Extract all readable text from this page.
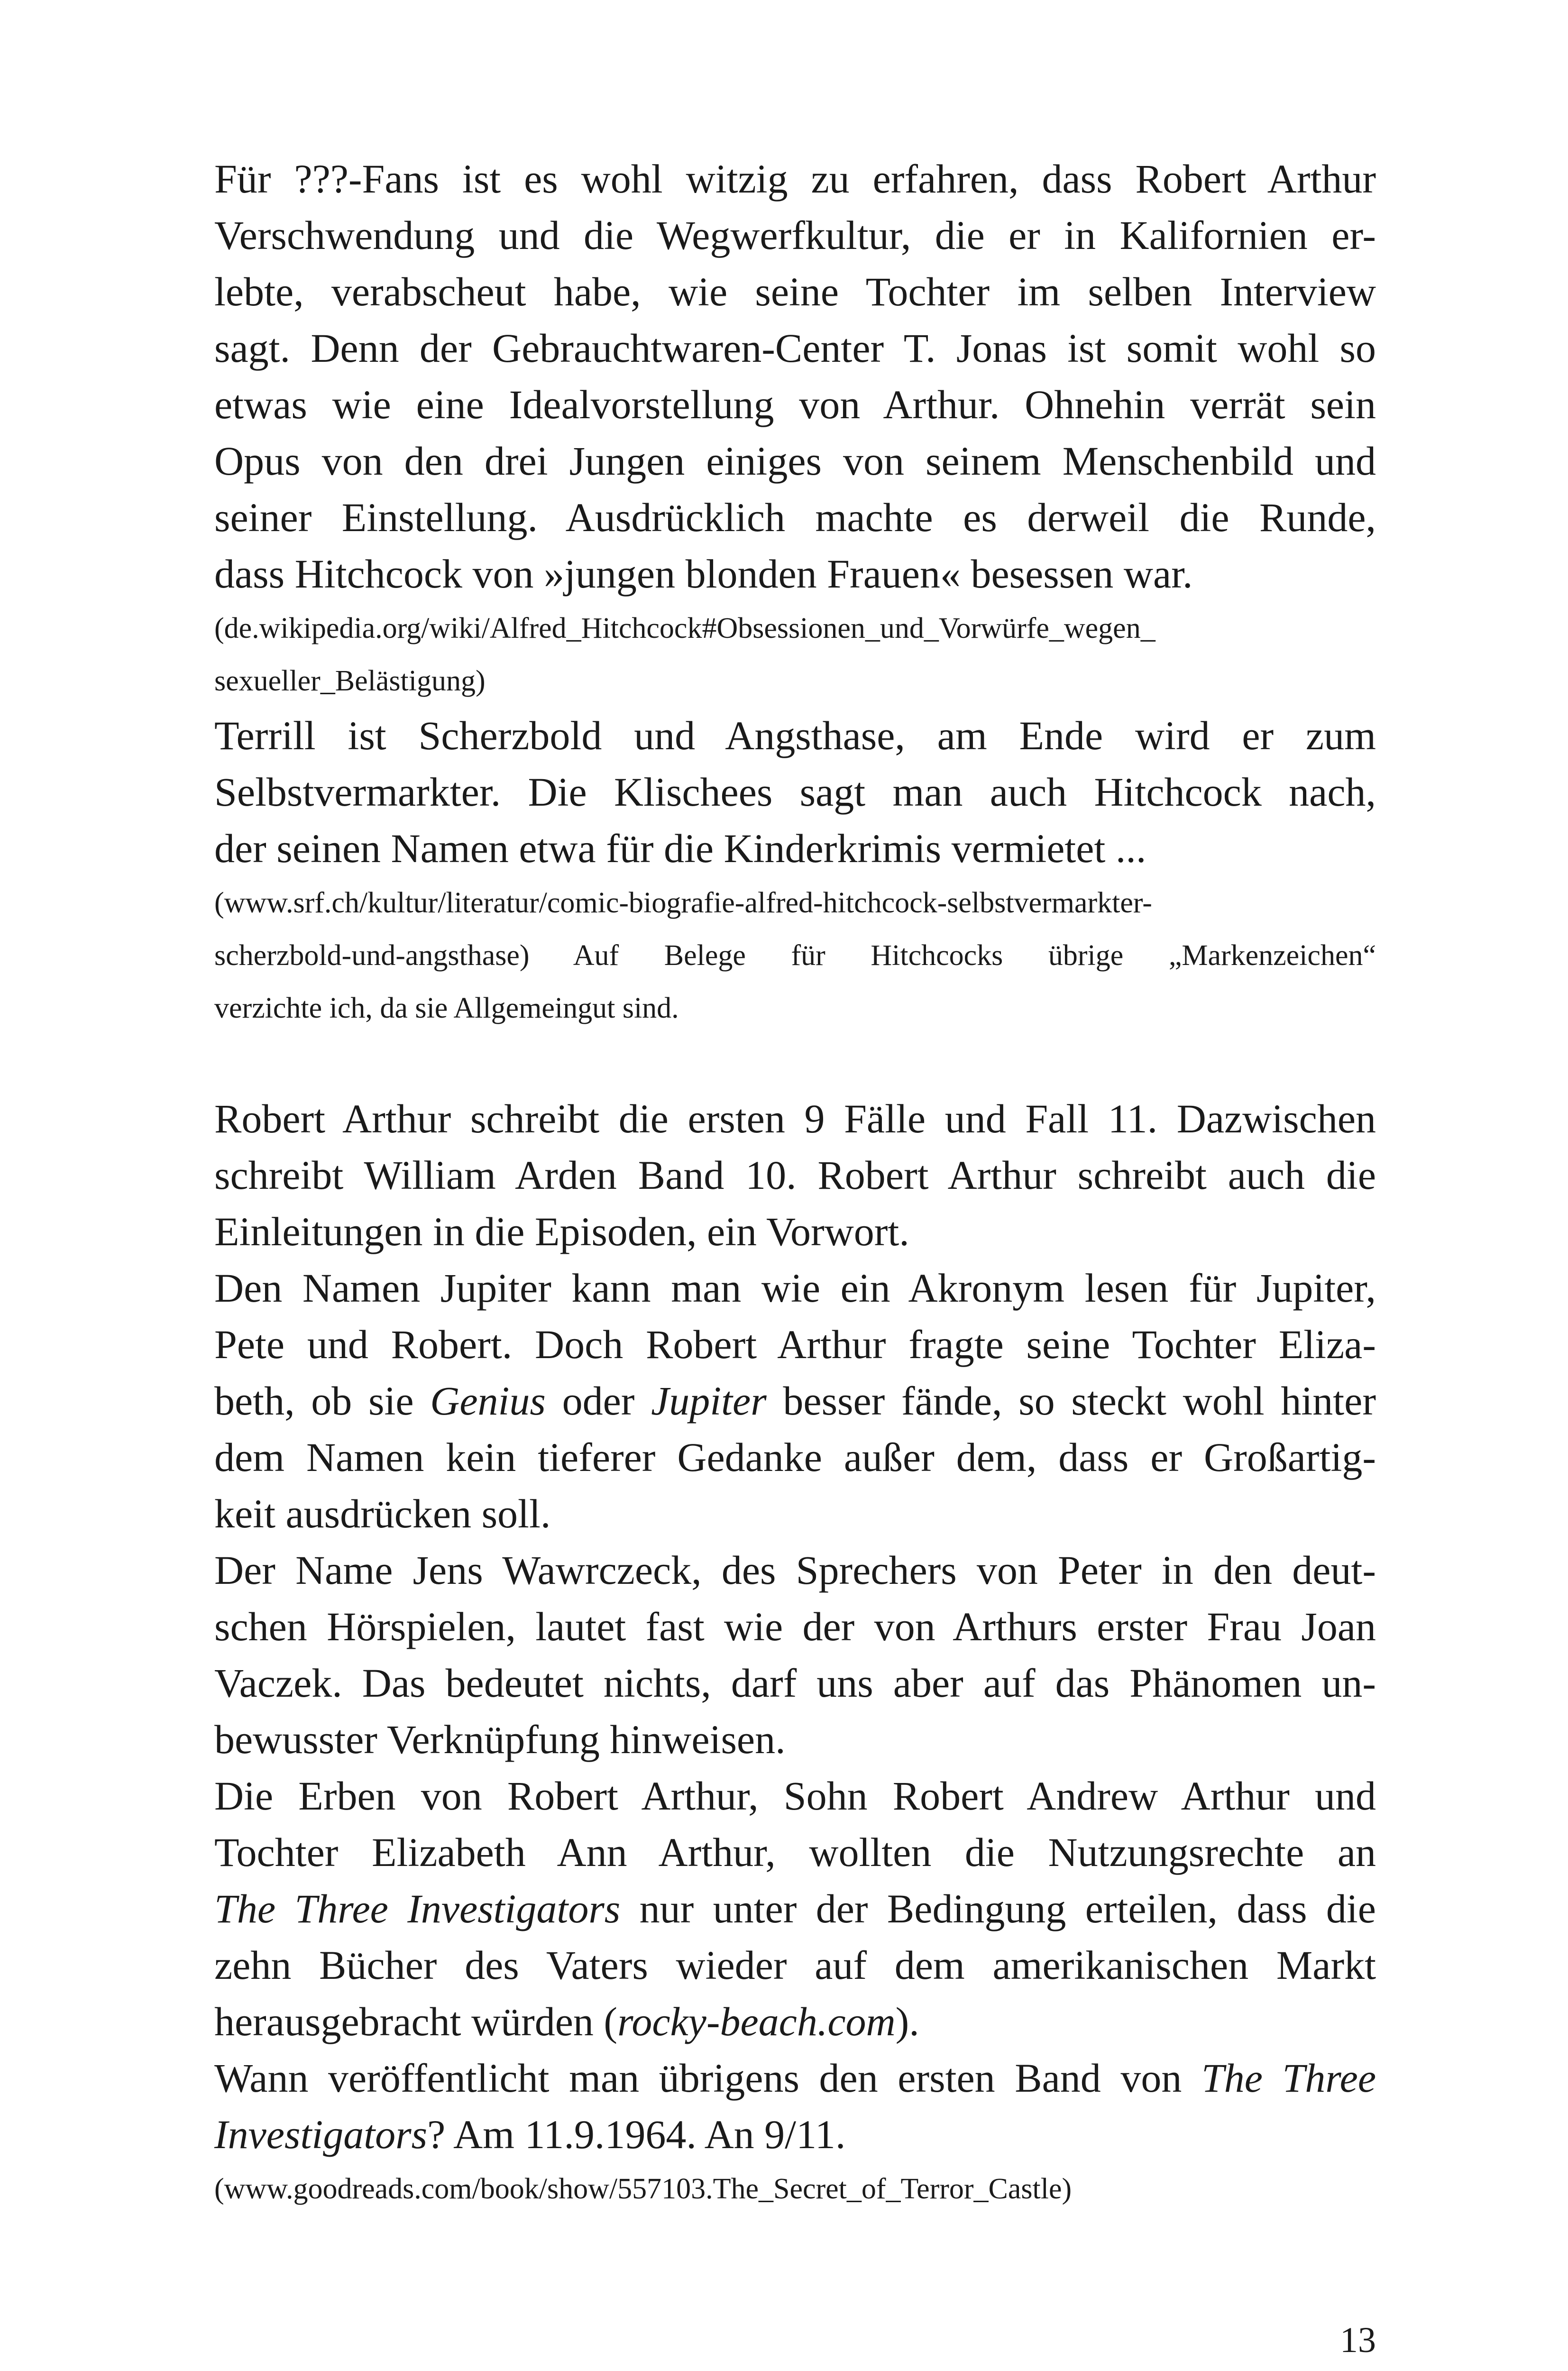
Für ???-Fans ist es wohl witzig zu erfahren, dass Robert Arthur
Verschwendung und die Wegwerfkultur, die er in Kalifornien er-
lebte, verabscheut habe, wie seine Tochter im selben Interview
sagt. Denn der Gebrauchtwaren-Center T. Jonas ist somit wohl so
etwas wie eine Idealvorstellung von Arthur. Ohnehin verrät sein
Opus von den drei Jungen einiges von seinem Menschenbild und
seiner Einstellung. Ausdrücklich machte es derweil die Runde,
dass Hitchcock von »jungen blonden Frauen« besessen war.
(de.wikipedia.org/wiki/Alfred_Hitchcock#Obsessionen_und_Vorwürfe_wegen_
sexueller_Belästigung)
Terrill ist Scherzbold und Angsthase, am Ende wird er zum
Selbstvermarkter. Die Klischees sagt man auch Hitchcock nach,
der seinen Namen etwa für die Kinderkrimis vermietet ...
(www.srf.ch/kultur/literatur/comic-biografie-alfred-hitchcock-selbstvermarkter-
scherzbold-und-angsthase) Auf Belege für Hitchcocks übrige „Markenzeichen“
verzichte ich, da sie Allgemeingut sind.
Robert Arthur schreibt die ersten 9 Fälle und Fall 11. Dazwischen
schreibt William Arden Band 10. Robert Arthur schreibt auch die
Einleitungen in die Episoden, ein Vorwort.
Den Namen Jupiter kann man wie ein Akronym lesen für Jupiter,
Pete und Robert. Doch Robert Arthur fragte seine Tochter Eliza-
beth, ob sie Genius oder Jupiter besser fände, so steckt wohl hinter
dem Namen kein tieferer Gedanke außer dem, dass er Großartig-
keit ausdrücken soll.
Der Name Jens Wawrczeck, des Sprechers von Peter in den deut-
schen Hörspielen, lautet fast wie der von Arthurs erster Frau Joan
Vaczek. Das bedeutet nichts, darf uns aber auf das Phänomen un-
bewusster Verknüpfung hinweisen.
Die Erben von Robert Arthur, Sohn Robert Andrew Arthur und
Tochter Elizabeth Ann Arthur, wollten die Nutzungsrechte an
The Three Investigators nur unter der Bedingung erteilen, dass die
zehn Bücher des Vaters wieder auf dem amerikanischen Markt
herausgebracht würden (rocky-beach.com).
Wann veröffentlicht man übrigens den ersten Band von The Three
Investigators? Am 11.9.1964. An 9/11.
(www.goodreads.com/book/show/557103.The_Secret_of_Terror_Castle)
13
